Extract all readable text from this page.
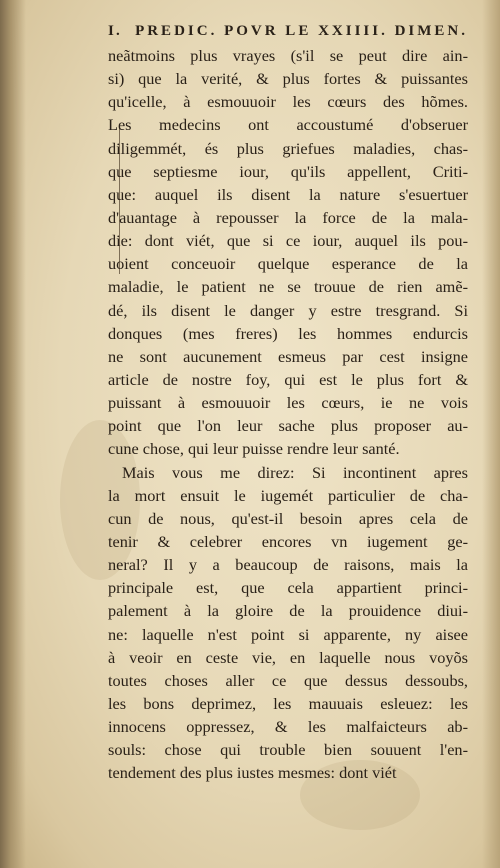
I. PREDIC. POVR LE XXIIII. DIMEN.
neãtmoins plus vrayes (s'il se peut dire ain-
si) que la verité, & plus fortes & puissantes
qu'icelle, à esmouuoir les cœurs des hõmes.
Les medecins ont accoustumé d'obseruer
diligemmét, és plus griefues maladies, chas-
que septiesme iour, qu'ils appellent, Criti-
que: auquel ils disent la nature s'esuertuer
d'auantage à repousser la force de la mala-
die: dont viét, que si ce iour, auquel ils pou-
uoient conceuoir quelque esperance de la
maladie, le patient ne se trouue de rien amẽ-
dé, ils disent le danger y estre tresgrand. Si
donques (mes freres) les hommes endurcis
ne sont aucunement esmeus par cest insigne
article de nostre foy, qui est le plus fort &
puissant à esmouuoir les cœurs, ie ne vois
point que l'on leur sache plus proposer au-
cune chose, qui leur puisse rendre leur santé.
Mais vous me direz: Si incontinent apres
la mort ensuit le iugemét particulier de cha-
cun de nous, qu'est-il besoin apres cela de
tenir & celebrer encores vn iugement ge-
neral? Il y a beaucoup de raisons, mais la
principale est, que cela appartient princi-
palement à la gloire de la prouidence diui-
ne: laquelle n'est point si apparente, ny aisee
à veoir en ceste vie, en laquelle nous voyõs
toutes choses aller ce que dessus dessoubs,
les bons deprimez, les mauuais esleuez: les
innocens oppressez, & les malfaicteurs ab-
souls: chose qui trouble bien souuent l'en-
tendement des plus iustes mesmes: dont viét
